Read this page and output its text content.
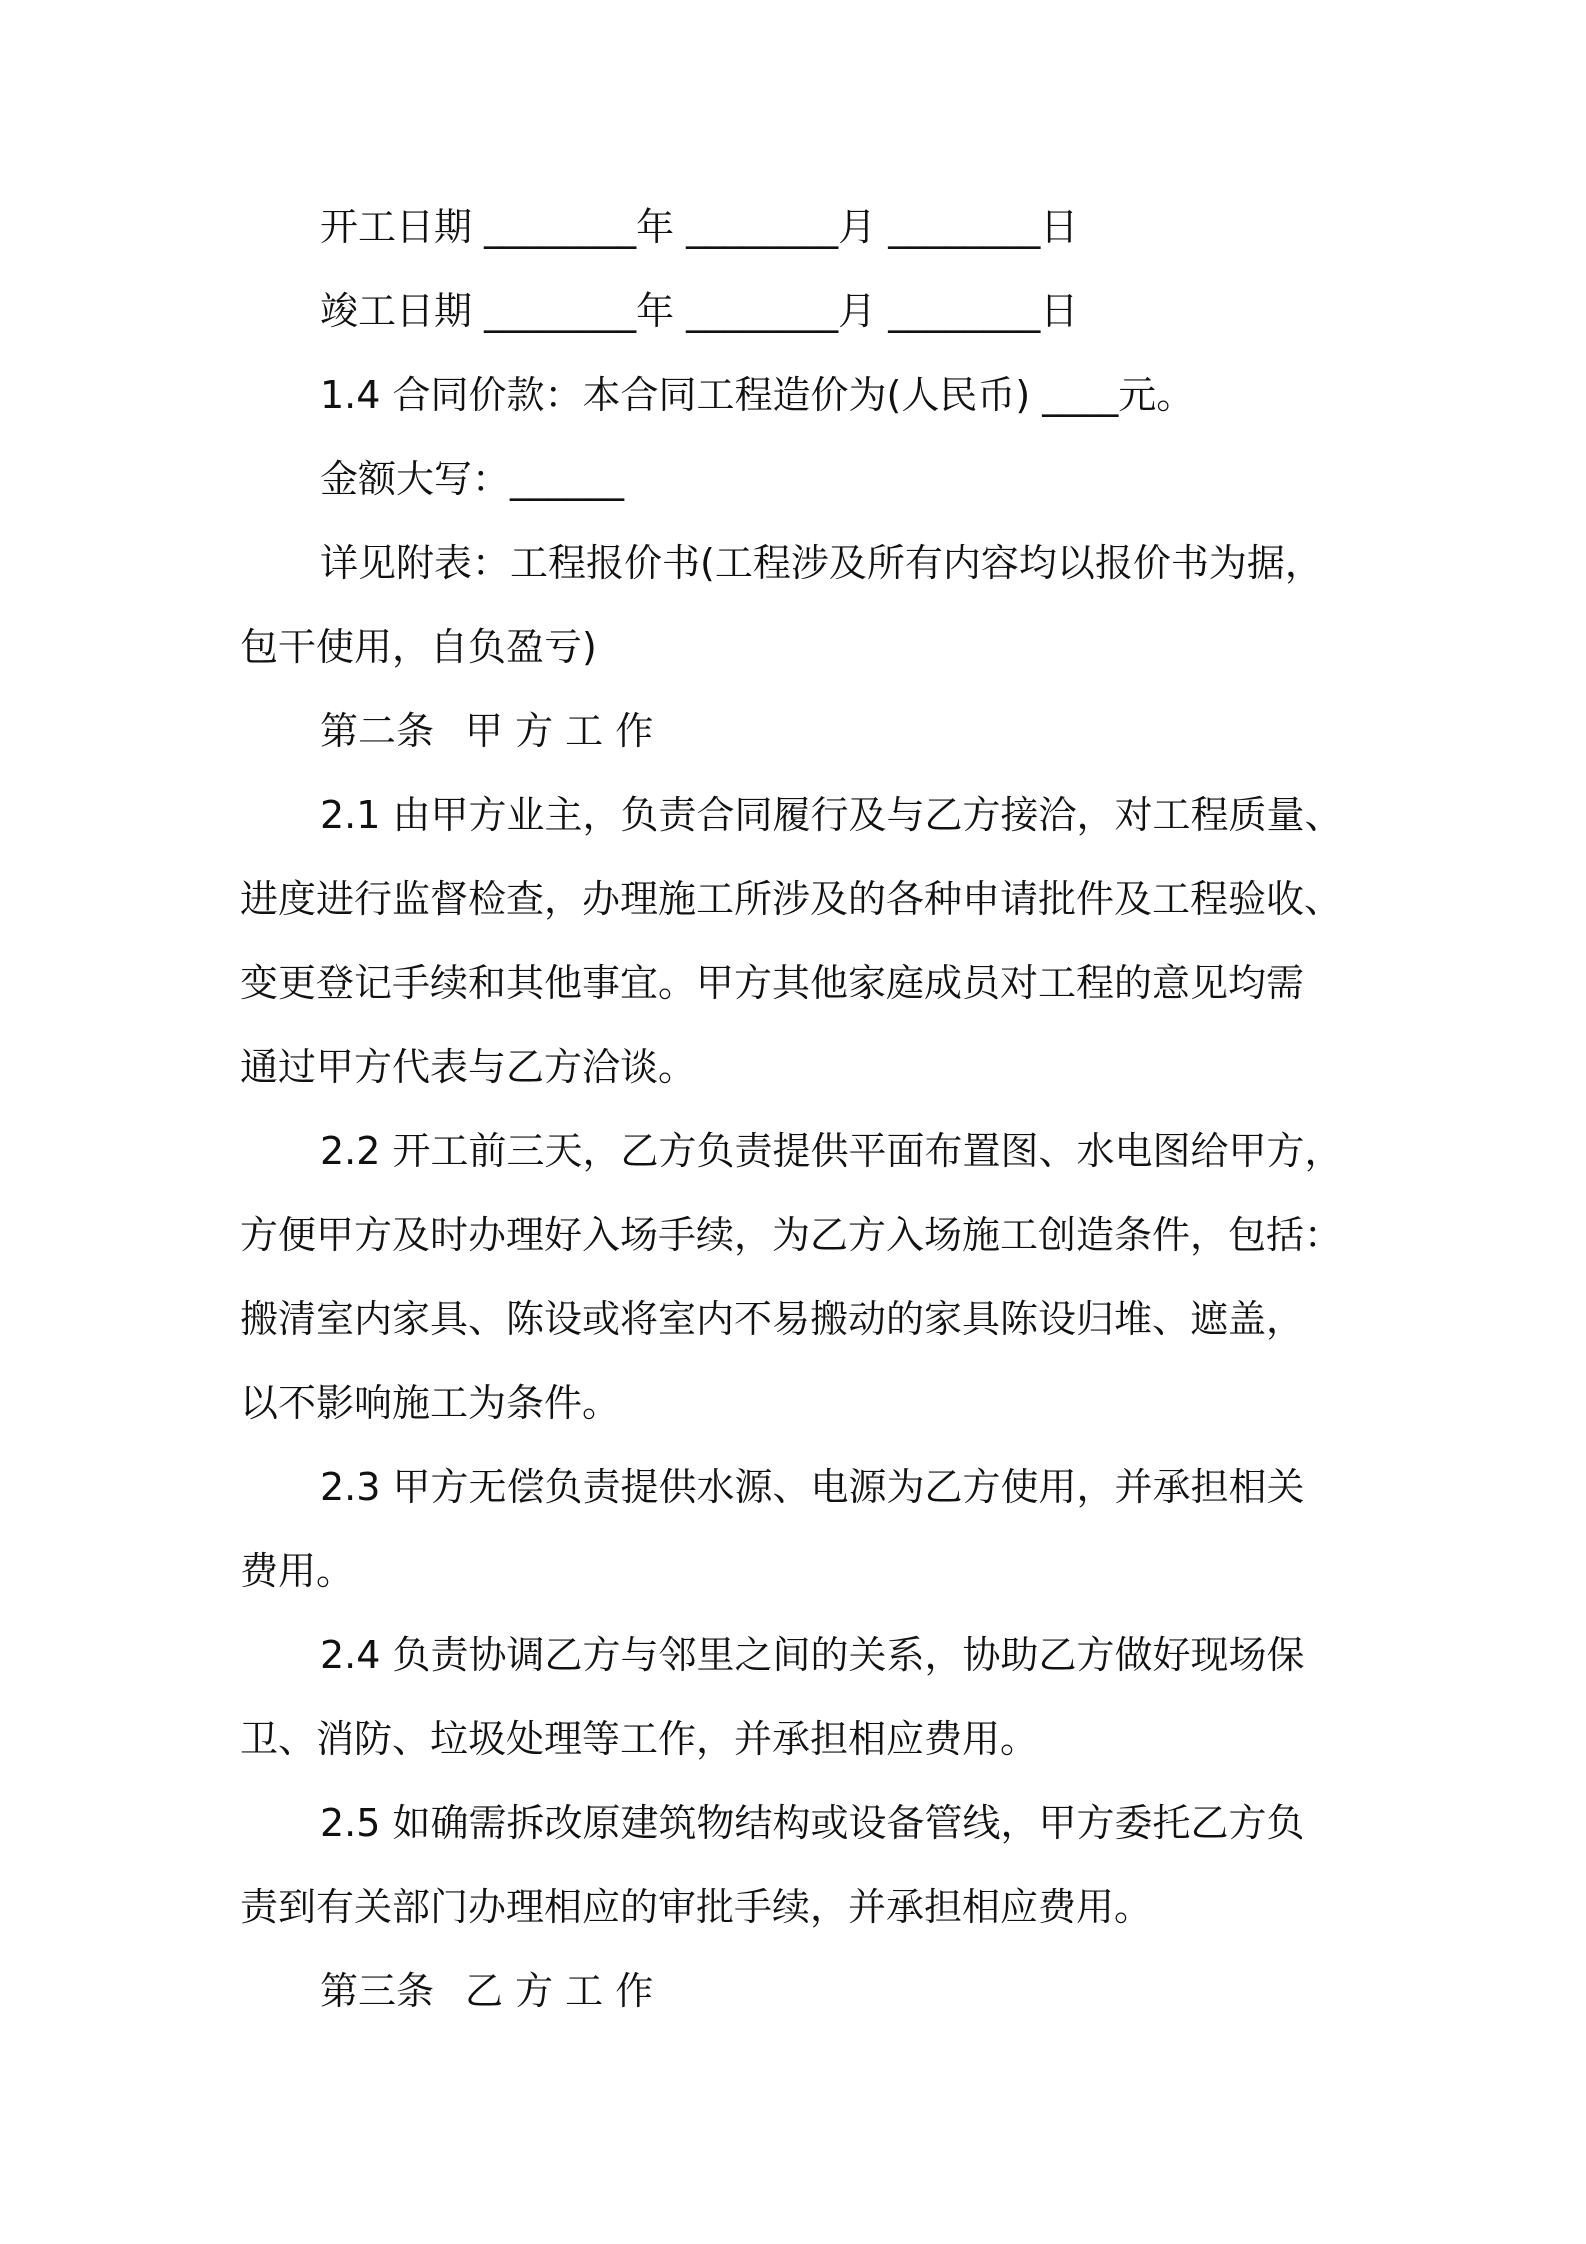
开工日期 ________年 ________月 ________日
竣工日期 ________年 ________月 ________日
1.4 合同价款：本合同工程造价为(人民币) ____元。
金额大写：______
详见附表：工程报价书(工程涉及所有内容均以报价书为据，
包干使用，自负盈亏)
第二条 甲 方 工 作
2.1 由甲方业主，负责合同履行及与乙方接洽，对工程质量、
进度进行监督检查，办理施工所涉及的各种申请批件及工程验收、
变更登记手续和其他事宜。甲方其他家庭成员对工程的意见均需
通过甲方代表与乙方洽谈。
2.2 开工前三天，乙方负责提供平面布置图、水电图给甲方，
方便甲方及时办理好入场手续，为乙方入场施工创造条件，包括：
搬清室内家具、陈设或将室内不易搬动的家具陈设归堆、遮盖，
以不影响施工为条件。
2.3 甲方无偿负责提供水源、电源为乙方使用，并承担相关
费用。
2.4 负责协调乙方与邻里之间的关系，协助乙方做好现场保
卫、消防、垃圾处理等工作，并承担相应费用。
2.5 如确需拆改原建筑物结构或设备管线，甲方委托乙方负
责到有关部门办理相应的审批手续，并承担相应费用。
第三条 乙 方 工 作
